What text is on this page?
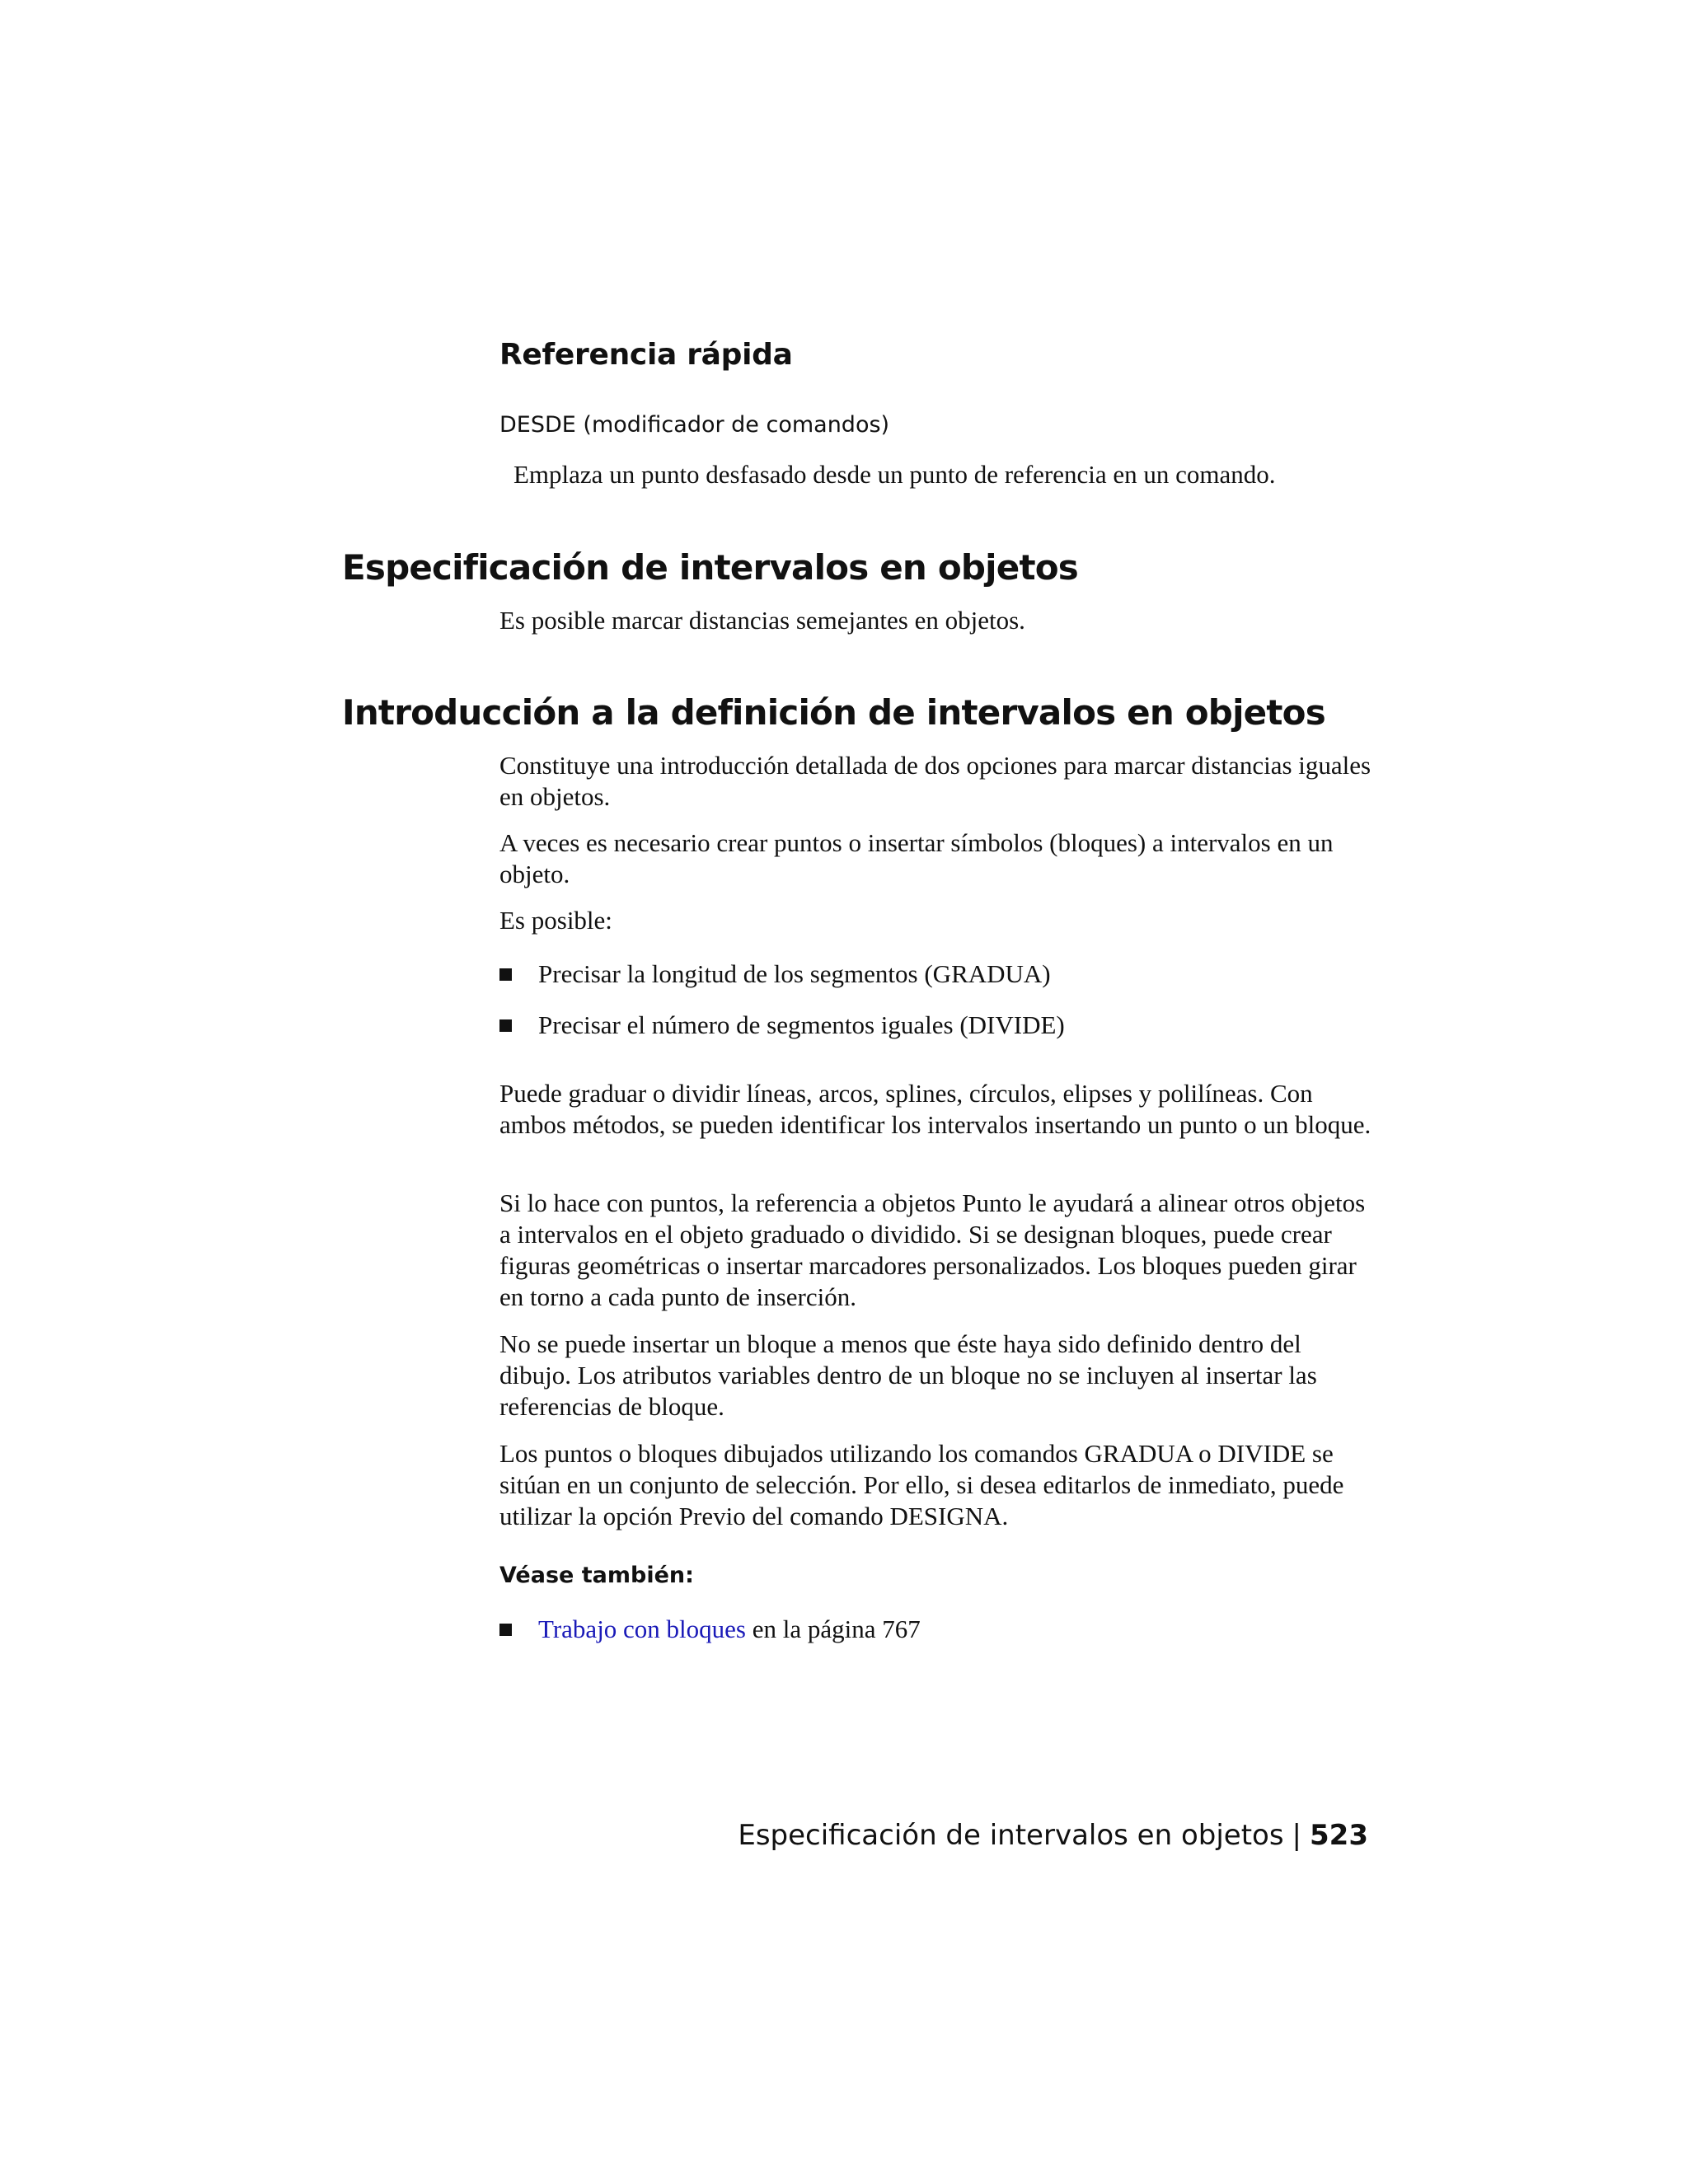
Referencia rápida
DESDE (modificador de comandos)
Emplaza un punto desfasado desde un punto de referencia en un comando.
Especificación de intervalos en objetos

Es posible marcar distancias semejantes en objetos.

Introducción a la definición de intervalos en objetos

Constituye una introducción detallada de dos opciones para marcar distancias iguales en objetos.

A veces es necesario crear puntos o insertar símbolos (bloques) a intervalos en un objeto.

Es posible:

Precisar la longitud de los segmentos (GRADUA)
Precisar el número de segmentos iguales (DIVIDE)

Puede graduar o dividir líneas, arcos, splines, círculos, elipses y polilíneas. Con ambos métodos, se pueden identificar los intervalos insertando un punto o un bloque.

Si lo hace con puntos, la referencia a objetos Punto le ayudará a alinear otros objetos a intervalos en el objeto graduado o dividido. Si se designan bloques, puede crear figuras geométricas o insertar marcadores personalizados. Los bloques pueden girar en torno a cada punto de inserción.

No se puede insertar un bloque a menos que éste haya sido definido dentro del dibujo. Los atributos variables dentro de un bloque no se incluyen al insertar las referencias de bloque.

Los puntos o bloques dibujados utilizando los comandos GRADUA o DIVIDE se sitúan en un conjunto de selección. Por ello, si desea editarlos de inmediato, puede utilizar la opción Previo del comando DESIGNA.

Véase también:
Trabajo con bloques en la página 767
Especificación de intervalos en objetos | 523
